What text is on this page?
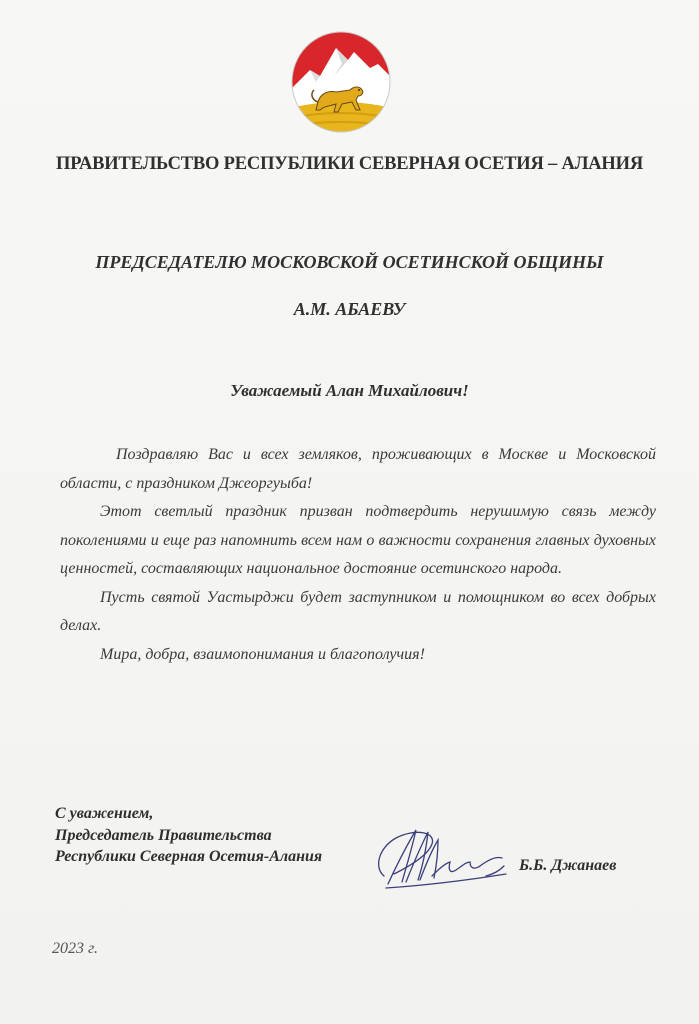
ПРАВИТЕЛЬСТВО РЕСПУБЛИКИ СЕВЕРНАЯ ОСЕТИЯ – АЛАНИЯ
ПРЕДСЕДАТЕЛЮ МОСКОВСКОЙ ОСЕТИНСКОЙ ОБЩИНЫ
А.М. АБАЕВУ
Уважаемый Алан Михайлович!

Поздравляю Вас и всех земляков, проживающих в Москве и Московской области, с праздником Джеоргуыба!

Этот светлый праздник призван подтвердить нерушимую связь между поколениями и еще раз напомнить всем нам о важности сохранения главных духовных ценностей, составляющих национальное достояние осетинского народа.

Пусть святой Уастырджи будет заступником и помощником во всех добрых делах.

Мира, добра, взаимопонимания и благополучия!

С уважением,
Председатель Правительства
Республики Северная Осетия-Алания
Б.Б. Джанаев
2023 г.
